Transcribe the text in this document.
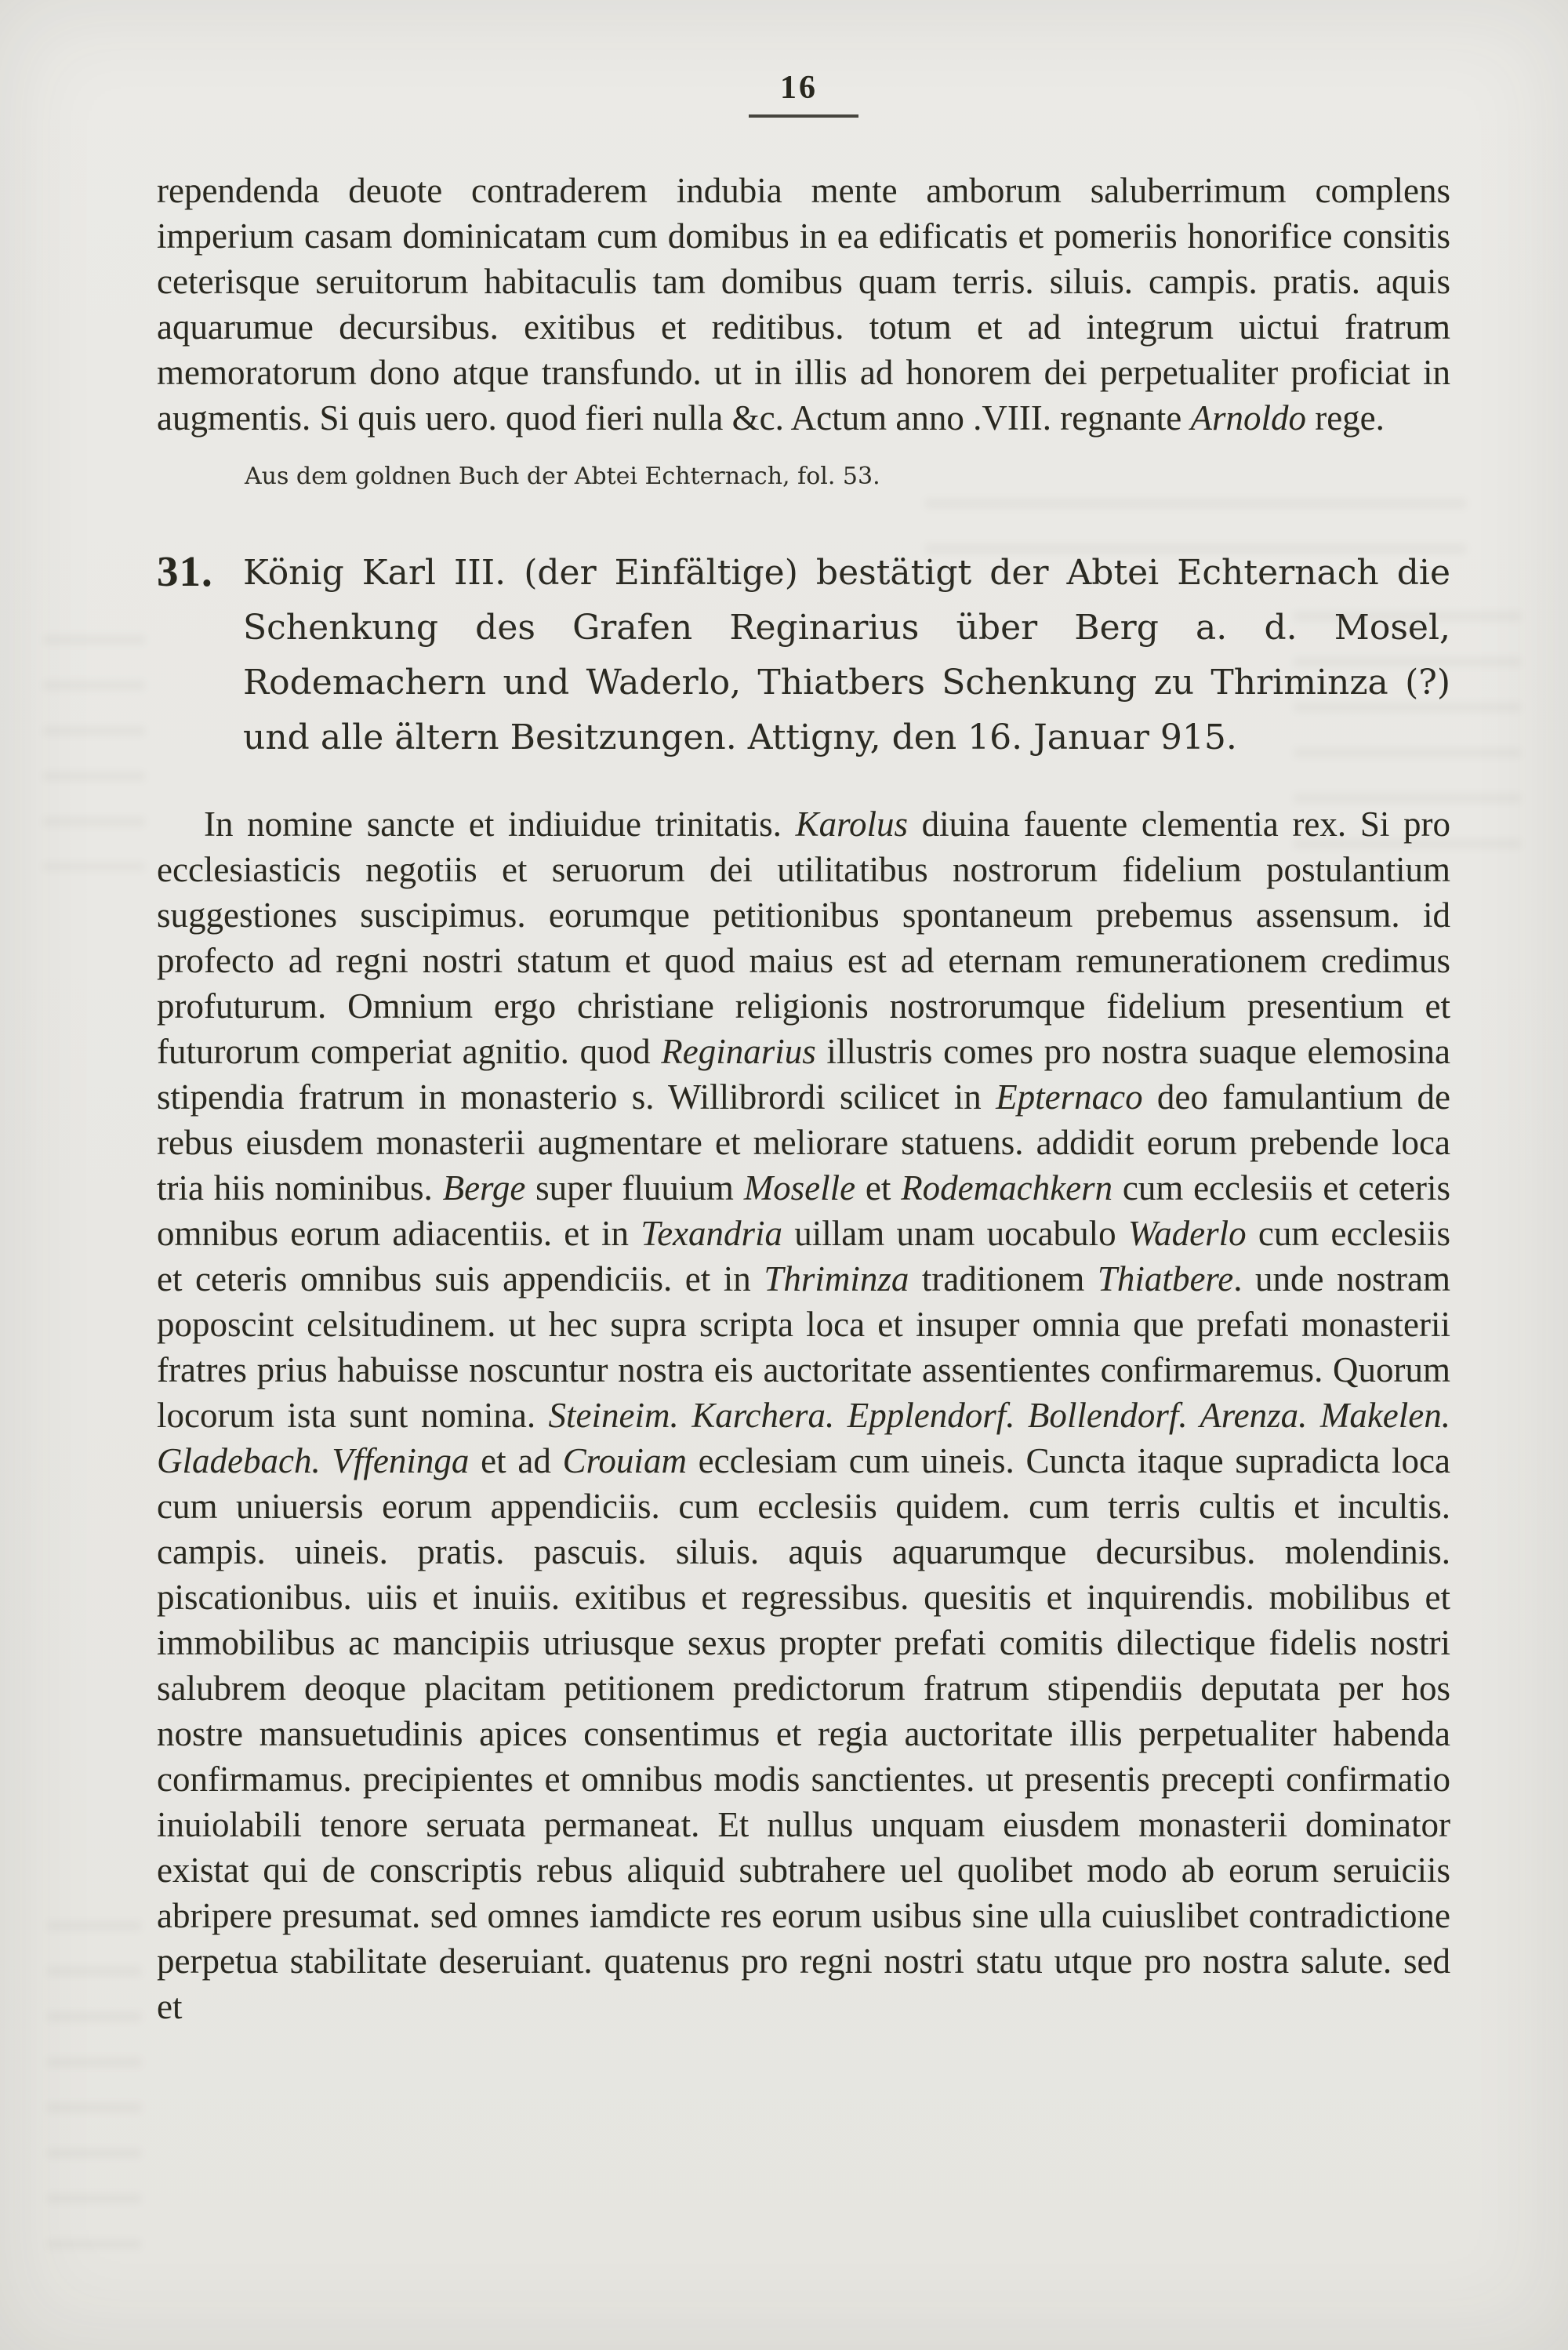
16

rependenda deuote contraderem indubia mente amborum saluberrimum complens imperium casam dominicatam cum domibus in ea edificatis et pomeriis honorifice consitis ceterisque seruitorum habitaculis tam domibus quam terris. siluis. campis. pratis. aquis aquarumue decursibus. exitibus et reditibus. totum et ad integrum uictui fratrum memoratorum dono atque transfundo. ut in illis ad honorem dei perpetualiter proficiat in augmentis. Si quis uero. quod fieri nulla &c. Actum anno .VIII. regnante Arnoldo rege.

Aus dem goldnen Buch der Abtei Echternach, fol. 53.

31. König Karl III. (der Einfältige) bestätigt der Abtei Echternach die Schenkung des Grafen Reginarius über Berg a. d. Mosel, Rodemachern und Waderlo, Thiatbers Schenkung zu Thriminza (?) und alle ältern Besitzungen. Attigny, den 16. Januar 915.

In nomine sancte et indiuidue trinitatis. Karolus diuina fauente clementia rex. Si pro ecclesiasticis negotiis et seruorum dei utilitatibus nostrorum fidelium postulantium suggestiones suscipimus. eorumque petitionibus spontaneum prebemus assensum. id profecto ad regni nostri statum et quod maius est ad eternam remunerationem credimus profuturum. Omnium ergo christiane religionis nostrorumque fidelium presentium et futurorum comperiat agnitio. quod Reginarius illustris comes pro nostra suaque elemosina stipendia fratrum in monasterio s. Willibrordi scilicet in Epternaco deo famulantium de rebus eiusdem monasterii augmentare et meliorare statuens. addidit eorum prebende loca tria hiis nominibus. Berge super fluuium Moselle et Rodemachkern cum ecclesiis et ceteris omnibus eorum adiacentiis. et in Texandria uillam unam uocabulo Waderlo cum ecclesiis et ceteris omnibus suis appendiciis. et in Thriminza traditionem Thiatbere. unde nostram poposcint celsitudinem. ut hec supra scripta loca et insuper omnia que prefati monasterii fratres prius habuisse noscuntur nostra eis auctoritate assentientes confirmaremus. Quorum locorum ista sunt nomina. Steineim. Karchera. Epplendorf. Bollendorf. Arenza. Makelen. Gladebach. Vffeninga et ad Crouiam ecclesiam cum uineis. Cuncta itaque supradicta loca cum uniuersis eorum appendiciis. cum ecclesiis quidem. cum terris cultis et incultis. campis. uineis. pratis. pascuis. siluis. aquis aquarumque decursibus. molendinis. piscationibus. uiis et inuiis. exitibus et regressibus. quesitis et inquirendis. mobilibus et immobilibus ac mancipiis utriusque sexus propter prefati comitis dilectique fidelis nostri salubrem deoque placitam petitionem predictorum fratrum stipendiis deputata per hos nostre mansuetudinis apices consentimus et regia auctoritate illis perpetualiter habenda confirmamus. precipientes et omnibus modis sanctientes. ut presentis precepti confirmatio inuiolabili tenore seruata permaneat. Et nullus unquam eiusdem monasterii dominator existat qui de conscriptis rebus aliquid subtrahere uel quolibet modo ab eorum seruiciis abripere presumat. sed omnes iamdicte res eorum usibus sine ulla cuiuslibet contradictione perpetua stabilitate deseruiant. quatenus pro regni nostri statu utque pro nostra salute. sed et
